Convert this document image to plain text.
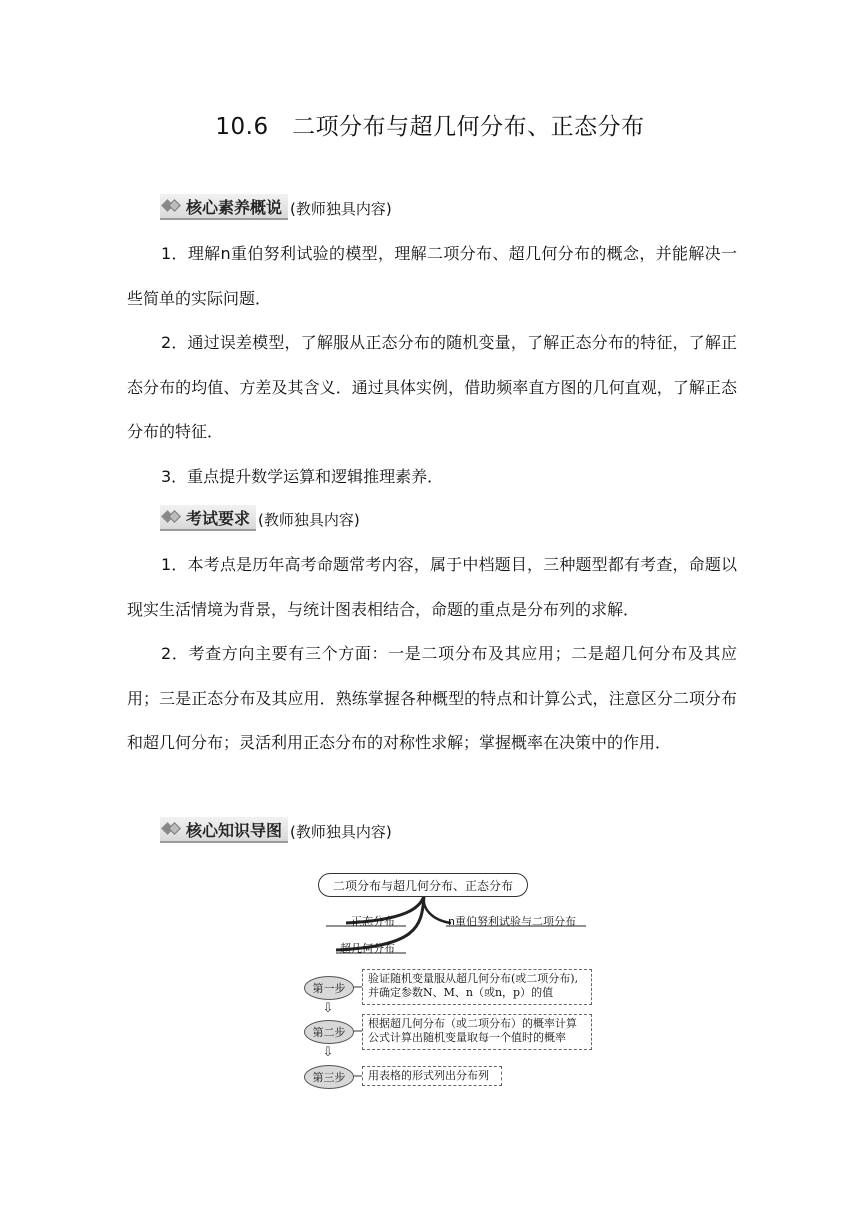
10.6　二项分布与超几何分布、正态分布
核心素养概说 (教师独具内容)

1．理解n重伯努利试验的模型，理解二项分布、超几何分布的概念，并能解决一些简单的实际问题．

2．通过误差模型，了解服从正态分布的随机变量，了解正态分布的特征，了解正态分布的均值、方差及其含义．通过具体实例，借助频率直方图的几何直观，了解正态分布的特征．

3．重点提升数学运算和逻辑推理素养．

考试要求 (教师独具内容)

1．本考点是历年高考命题常考内容，属于中档题目，三种题型都有考查，命题以现实生活情境为背景，与统计图表相结合，命题的重点是分布列的求解．

2．考查方向主要有三个方面：一是二项分布及其应用；二是超几何分布及其应用；三是正态分布及其应用．熟练掌握各种概型的特点和计算公式，注意区分二项分布和超几何分布；灵活利用正态分布的对称性求解；掌握概率在决策中的作用．

核心知识导图 (教师独具内容)
二项分布与超几何分布、正态分布
正态分布	n重伯努利试验与二项分布
超几何分布
第一步
验证随机变量服从超几何分布(或二项分布),
并确定参数N、M、n（或n，p）的值
⇩
第二步
根据超几何分布（或二项分布）的概率计算
公式计算出随机变量取每一个值时的概率
⇩
第三步	用表格的形式列出分布列
